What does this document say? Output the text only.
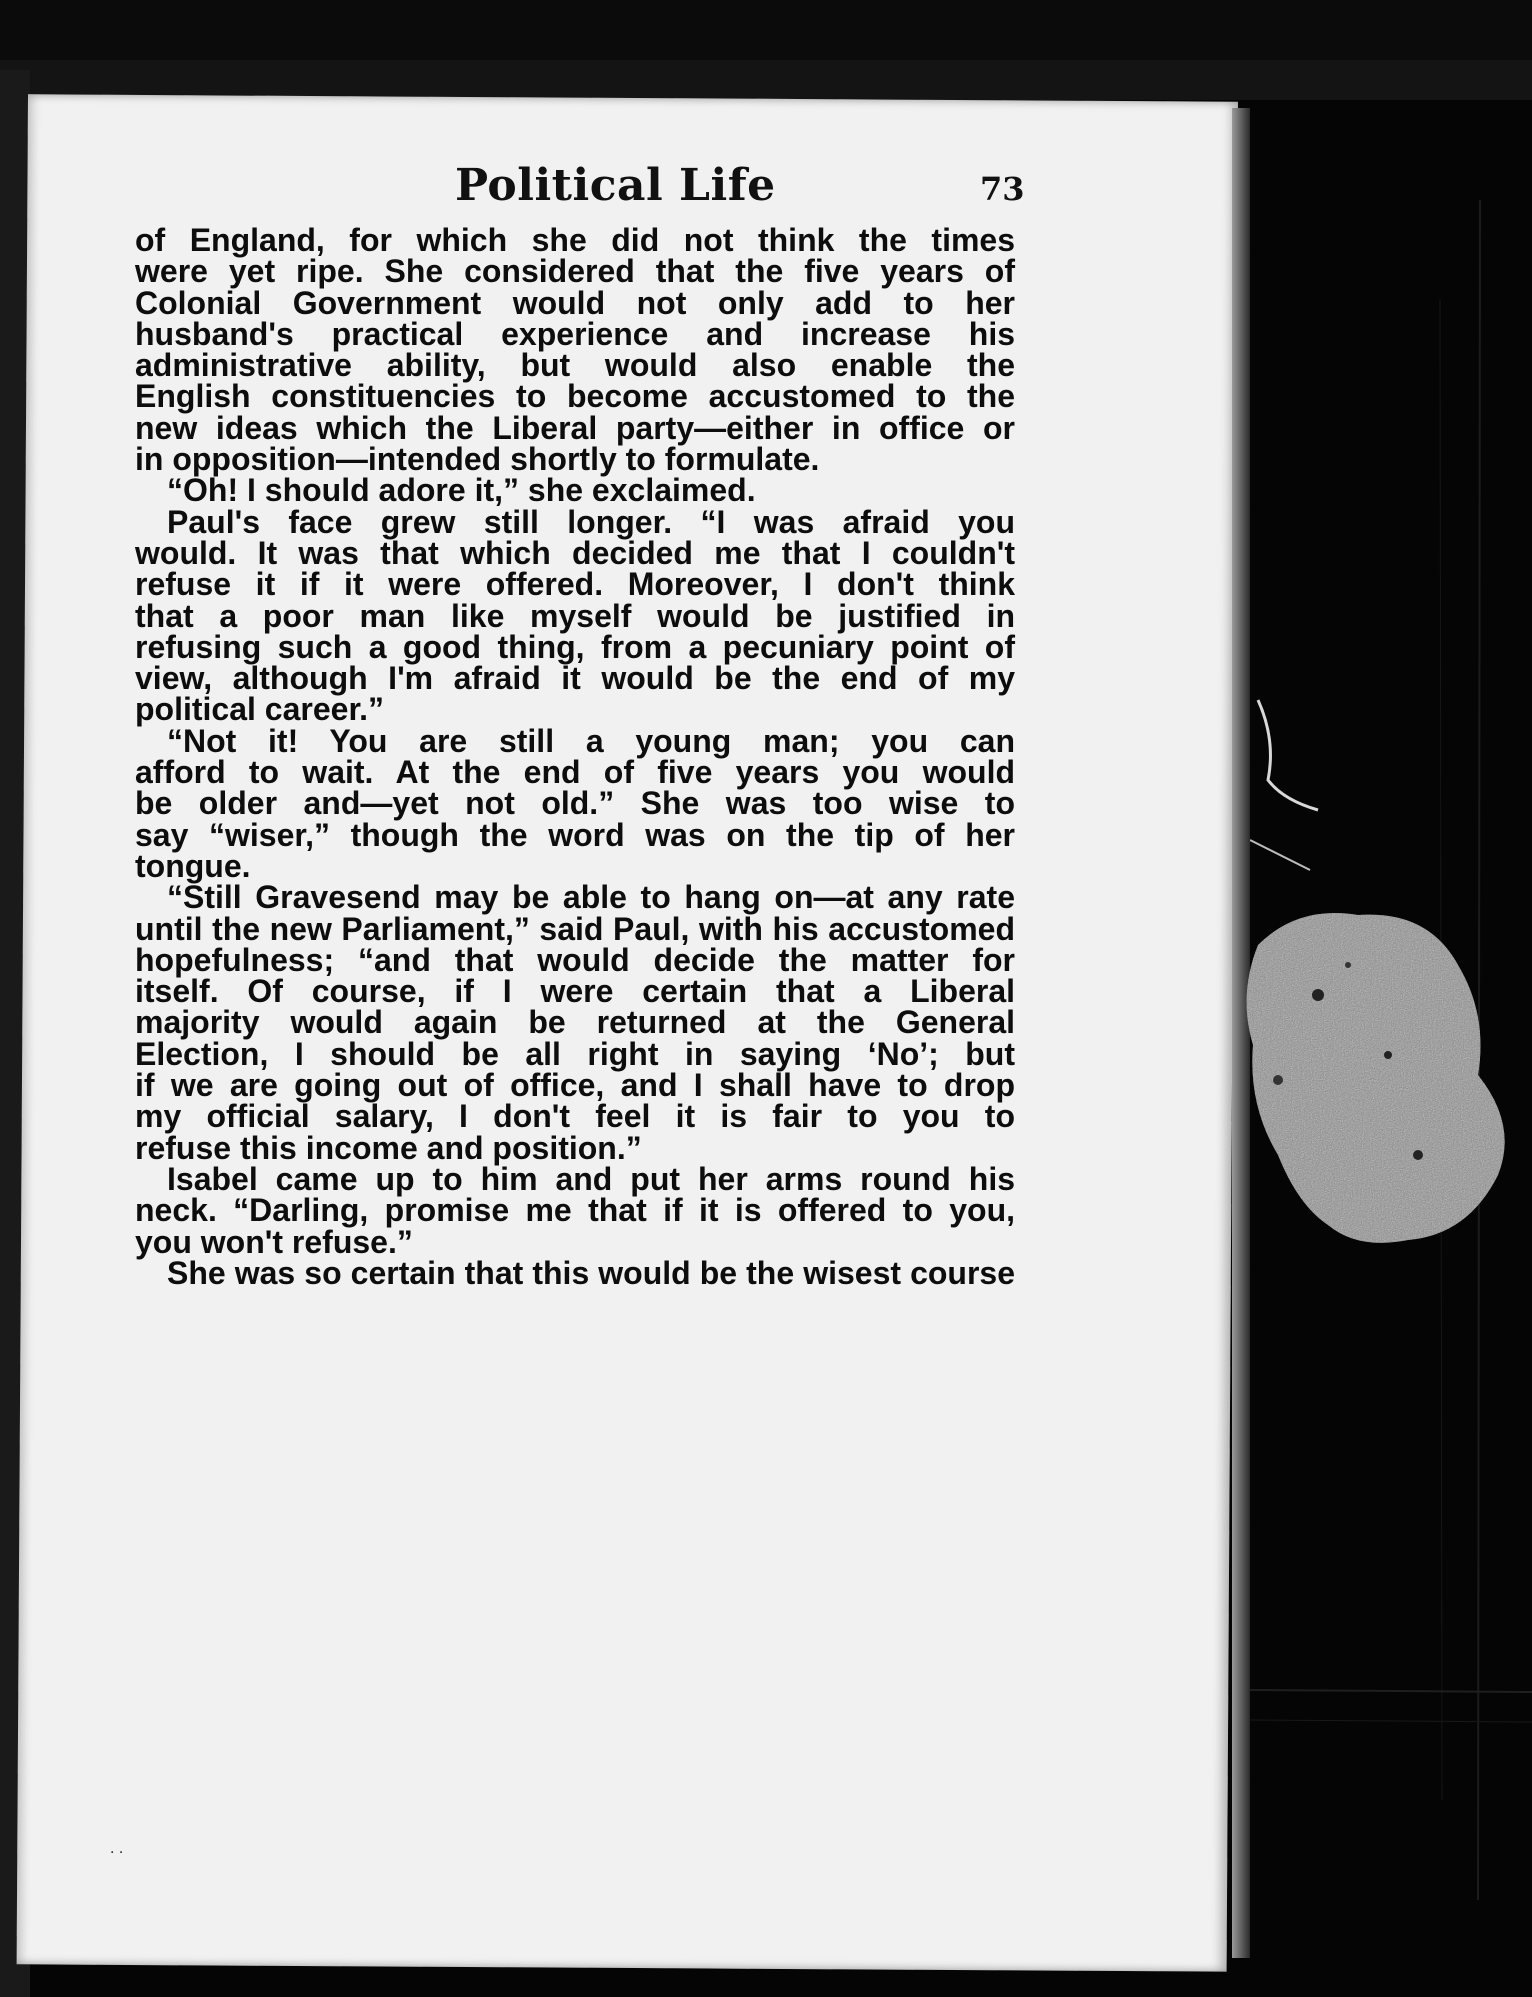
Political Life	73
of England, for which she did not think the times
were yet ripe. She considered that the five years of
Colonial Government would not only add to her
husband's practical experience and increase his
administrative ability, but would also enable the
English constituencies to become accustomed to the
new ideas which the Liberal party—either in office or
in opposition—intended shortly to formulate.
“Oh! I should adore it,” she exclaimed.
Paul's face grew still longer. “I was afraid you
would. It was that which decided me that I couldn't
refuse it if it were offered. Moreover, I don't think
that a poor man like myself would be justified in
refusing such a good thing, from a pecuniary point of
view, although I'm afraid it would be the end of my
political career.”
“Not it! You are still a young man; you can
afford to wait. At the end of five years you would
be older and—yet not old.” She was too wise to
say “wiser,” though the word was on the tip of her
tongue.
“Still Gravesend may be able to hang on—at any rate
until the new Parliament,” said Paul, with his accustomed
hopefulness; “and that would decide the matter for
itself. Of course, if I were certain that a Liberal
majority would again be returned at the General
Election, I should be all right in saying ‘No’; but
if we are going out of office, and I shall have to drop
my official salary, I don't feel it is fair to you to
refuse this income and position.”
Isabel came up to him and put her arms round his
neck. “Darling, promise me that if it is offered to you,
you won't refuse.”
She was so certain that this would be the wisest course
· ·
